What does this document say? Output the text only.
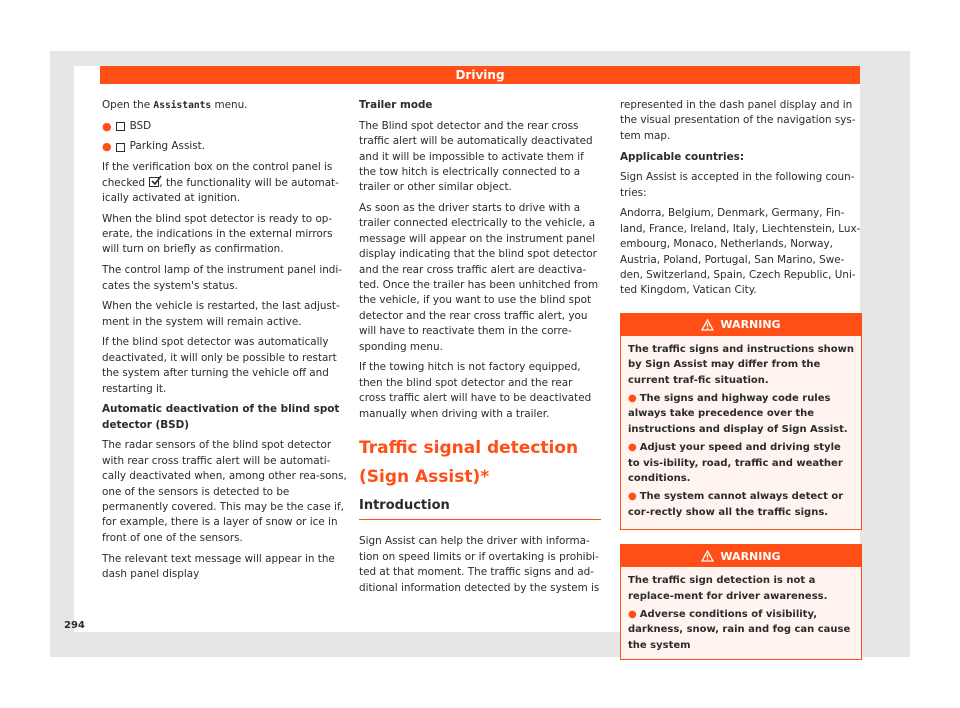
Driving

Open the Assistants menu.

● BSD

● Parking Assist.

If the verification box on the control panel is checked , the functionality will be automat-ically activated at ignition.

When the blind spot detector is ready to op-erate, the indications in the external mirrors will turn on briefly as confirmation.

The control lamp of the instrument panel indi-cates the system's status.

When the vehicle is restarted, the last adjust-ment in the system will remain active.

If the blind spot detector was automatically deactivated, it will only be possible to restart the system after turning the vehicle off and restarting it.

Automatic deactivation of the blind spot detector (BSD)

The radar sensors of the blind spot detector with rear cross traffic alert will be automati-cally deactivated when, among other rea-sons, one of the sensors is detected to be permanently covered. This may be the case if, for example, there is a layer of snow or ice in front of one of the sensors.

The relevant text message will appear in the dash panel display

Trailer mode

The Blind spot detector and the rear cross traffic alert will be automatically deactivated and it will be impossible to activate them if the tow hitch is electrically connected to a trailer or other similar object.

As soon as the driver starts to drive with a trailer connected electrically to the vehicle, a message will appear on the instrument panel display indicating that the blind spot detector and the rear cross traffic alert are deactiva-ted. Once the trailer has been unhitched from the vehicle, if you want to use the blind spot detector and the rear cross traffic alert, you will have to reactivate them in the corre-sponding menu.

If the towing hitch is not factory equipped, then the blind spot detector and the rear cross traffic alert will have to be deactivated manually when driving with a trailer.

Traffic signal detection (Sign Assist)*
Introduction

Sign Assist can help the driver with informa-tion on speed limits or if overtaking is prohibi-ted at that moment. The traffic signs and ad-ditional information detected by the system is

represented in the dash panel display and in the visual presentation of the navigation sys-tem map.

Applicable countries:

Sign Assist is accepted in the following coun-tries:

Andorra, Belgium, Denmark, Germany, Fin-land, France, Ireland, Italy, Liechtenstein, Lux-embourg, Monaco, Netherlands, Norway, Austria, Poland, Portugal, San Marino, Swe-den, Switzerland, Spain, Czech Republic, Uni-ted Kingdom, Vatican City.

WARNING

The traffic signs and instructions shown by Sign Assist may differ from the current traf-fic situation.

● The signs and highway code rules always take precedence over the instructions and display of Sign Assist.

● Adjust your speed and driving style to vis-ibility, road, traffic and weather conditions.

● The system cannot always detect or cor-rectly show all the traffic signs.

WARNING

The traffic sign detection is not a replace-ment for driver awareness.

● Adverse conditions of visibility, darkness, snow, rain and fog can cause the system

294
